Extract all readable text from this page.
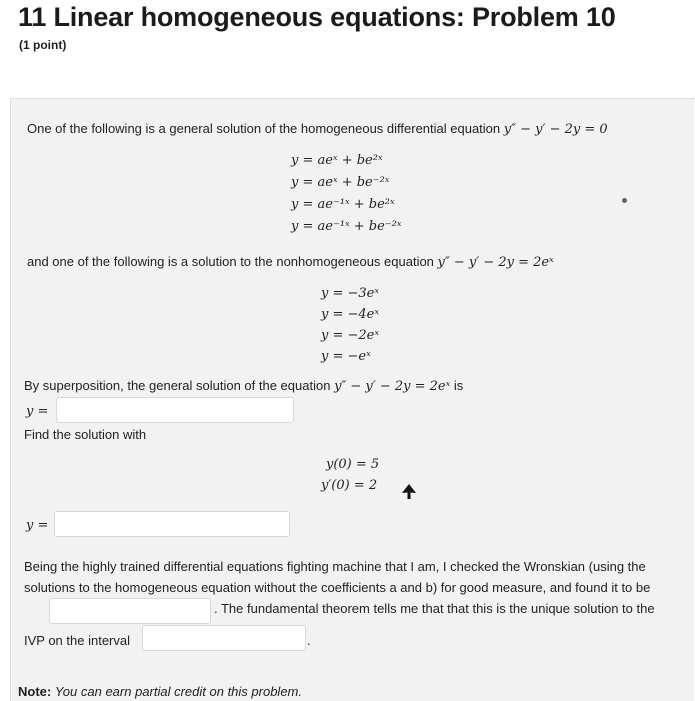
11 Linear homogeneous equations: Problem 10
(1 point)
One of the following is a general solution of the homogeneous differential equation y″ − y′ − 2y = 0
y = aeˣ + be²ˣ
y = aeˣ + be⁻²ˣ
y = ae⁻¹ˣ + be²ˣ
y = ae⁻¹ˣ + be⁻²ˣ
and one of the following is a solution to the nonhomogeneous equation y″ − y′ − 2y = 2eˣ
y = −3eˣ
y = −4eˣ
y = −2eˣ
y = −eˣ
By superposition, the general solution of the equation y″ − y′ − 2y = 2eˣ is
y =
Find the solution with
y(0) = 5
y′(0) = 2
y =
Being the highly trained differential equations fighting machine that I am, I checked the Wronskian (using the solutions to the homogeneous equation without the coefficients a and b) for good measure, and found it to be
. The fundamental theorem tells me that that this is the unique solution to the
IVP on the interval	.
Note: You can earn partial credit on this problem.
